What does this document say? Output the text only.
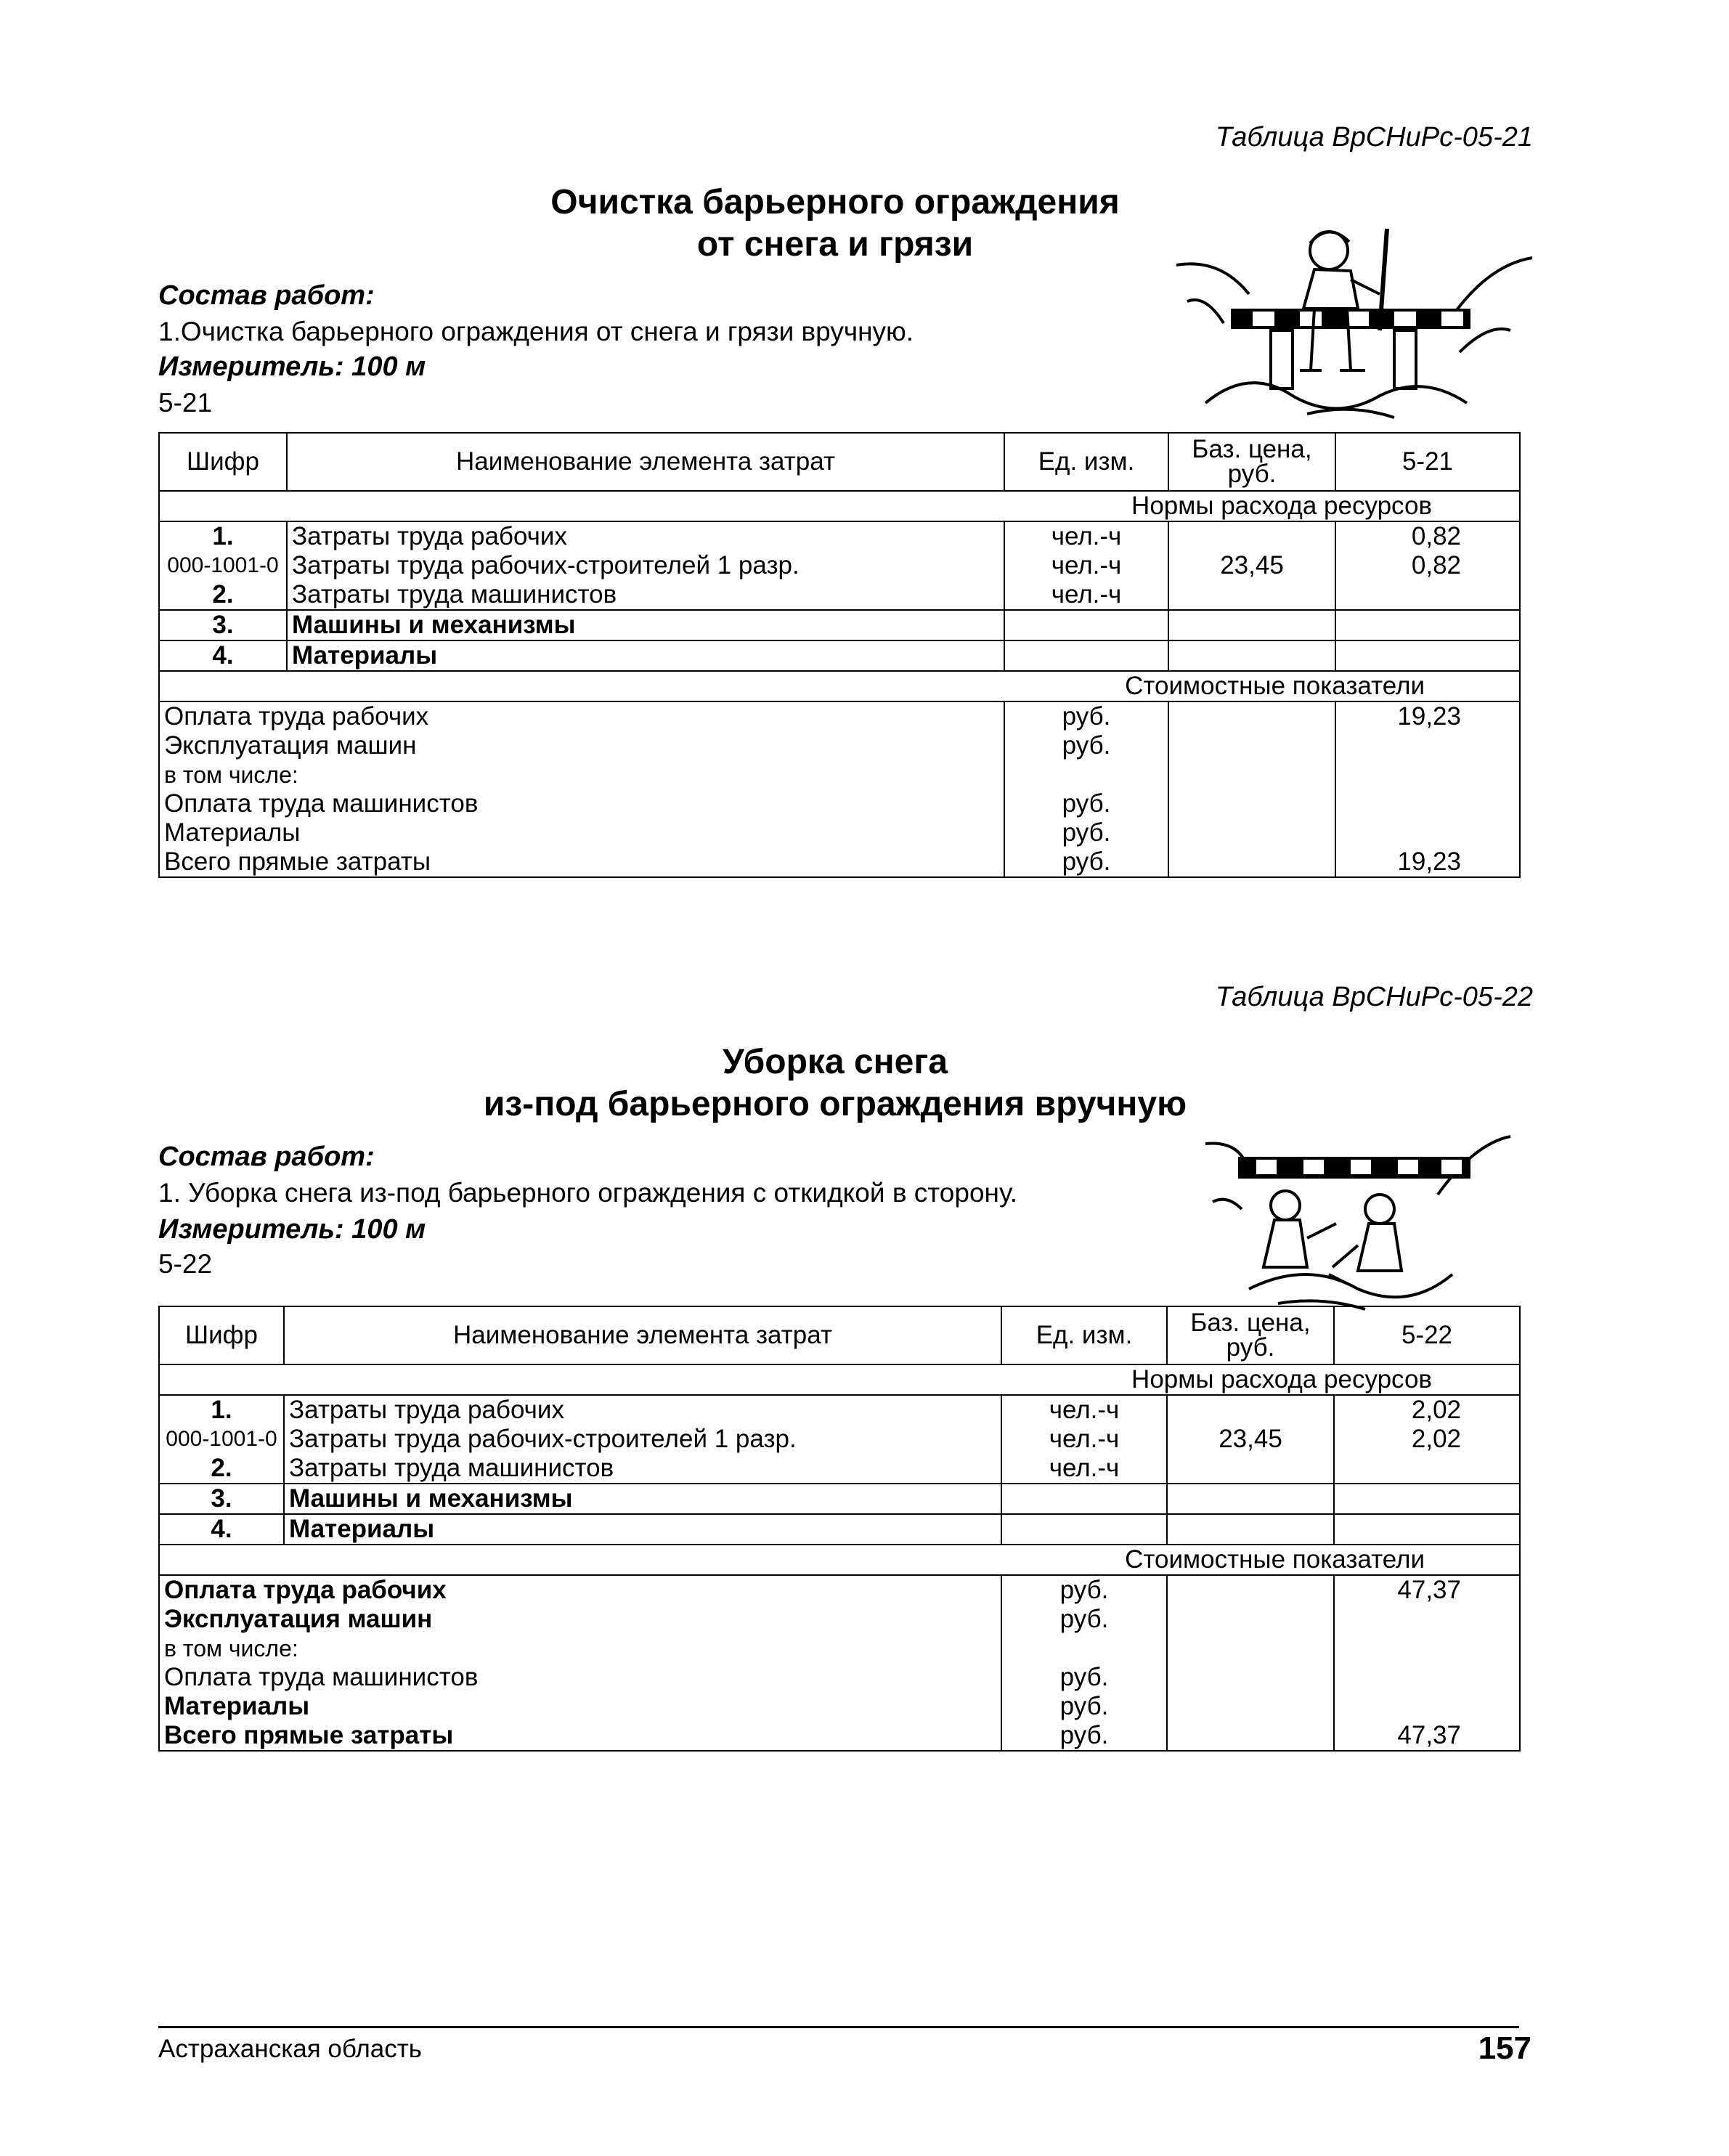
Таблица ВрСНиРс-05-21
Очистка барьерного ограждения
от снега и грязи
Состав работ:
1.Очистка барьерного ограждения от снега и грязи вручную.
Измеритель: 100 м
5-21
Шифр	Наименование элемента затрат	Ед. изм.	Баз. цена,
руб.	5-21
Нормы расхода ресурсов				
1.	Затраты труда рабочих	чел.-ч		0,82
000-1001-0	Затраты труда рабочих-строителей 1 разр.	чел.-ч	23,45	0,82
2.	Затраты труда машинистов	чел.-ч		
3.	Машины и механизмы			
4.	Материалы			
Стоимостные показатели				
Оплата труда рабочих		руб.		19,23
Эксплуатация машин		руб.		
в том числе:				
Оплата труда машинистов		руб.		
Материалы		руб.		
Всего прямые затраты		руб.		19,23
Таблица ВрСНиРс-05-22
Уборка снега
из-под барьерного ограждения вручную
Состав работ:
1. Уборка снега из-под барьерного ограждения с откидкой в сторону.
Измеритель: 100 м
5-22
Шифр	Наименование элемента затрат	Ед. изм.	Баз. цена,
руб.	5-22
Нормы расхода ресурсов				
1.	Затраты труда рабочих	чел.-ч		2,02
000-1001-0	Затраты труда рабочих-строителей 1 разр.	чел.-ч	23,45	2,02
2.	Затраты труда машинистов	чел.-ч		
3.	Машины и механизмы			
4.	Материалы			
Стоимостные показатели				
Оплата труда рабочих		руб.		47,37
Эксплуатация машин		руб.		
в том числе:				
Оплата труда машинистов		руб.		
Материалы		руб.		
Всего прямые затраты		руб.		47,37
Астраханская область	157
